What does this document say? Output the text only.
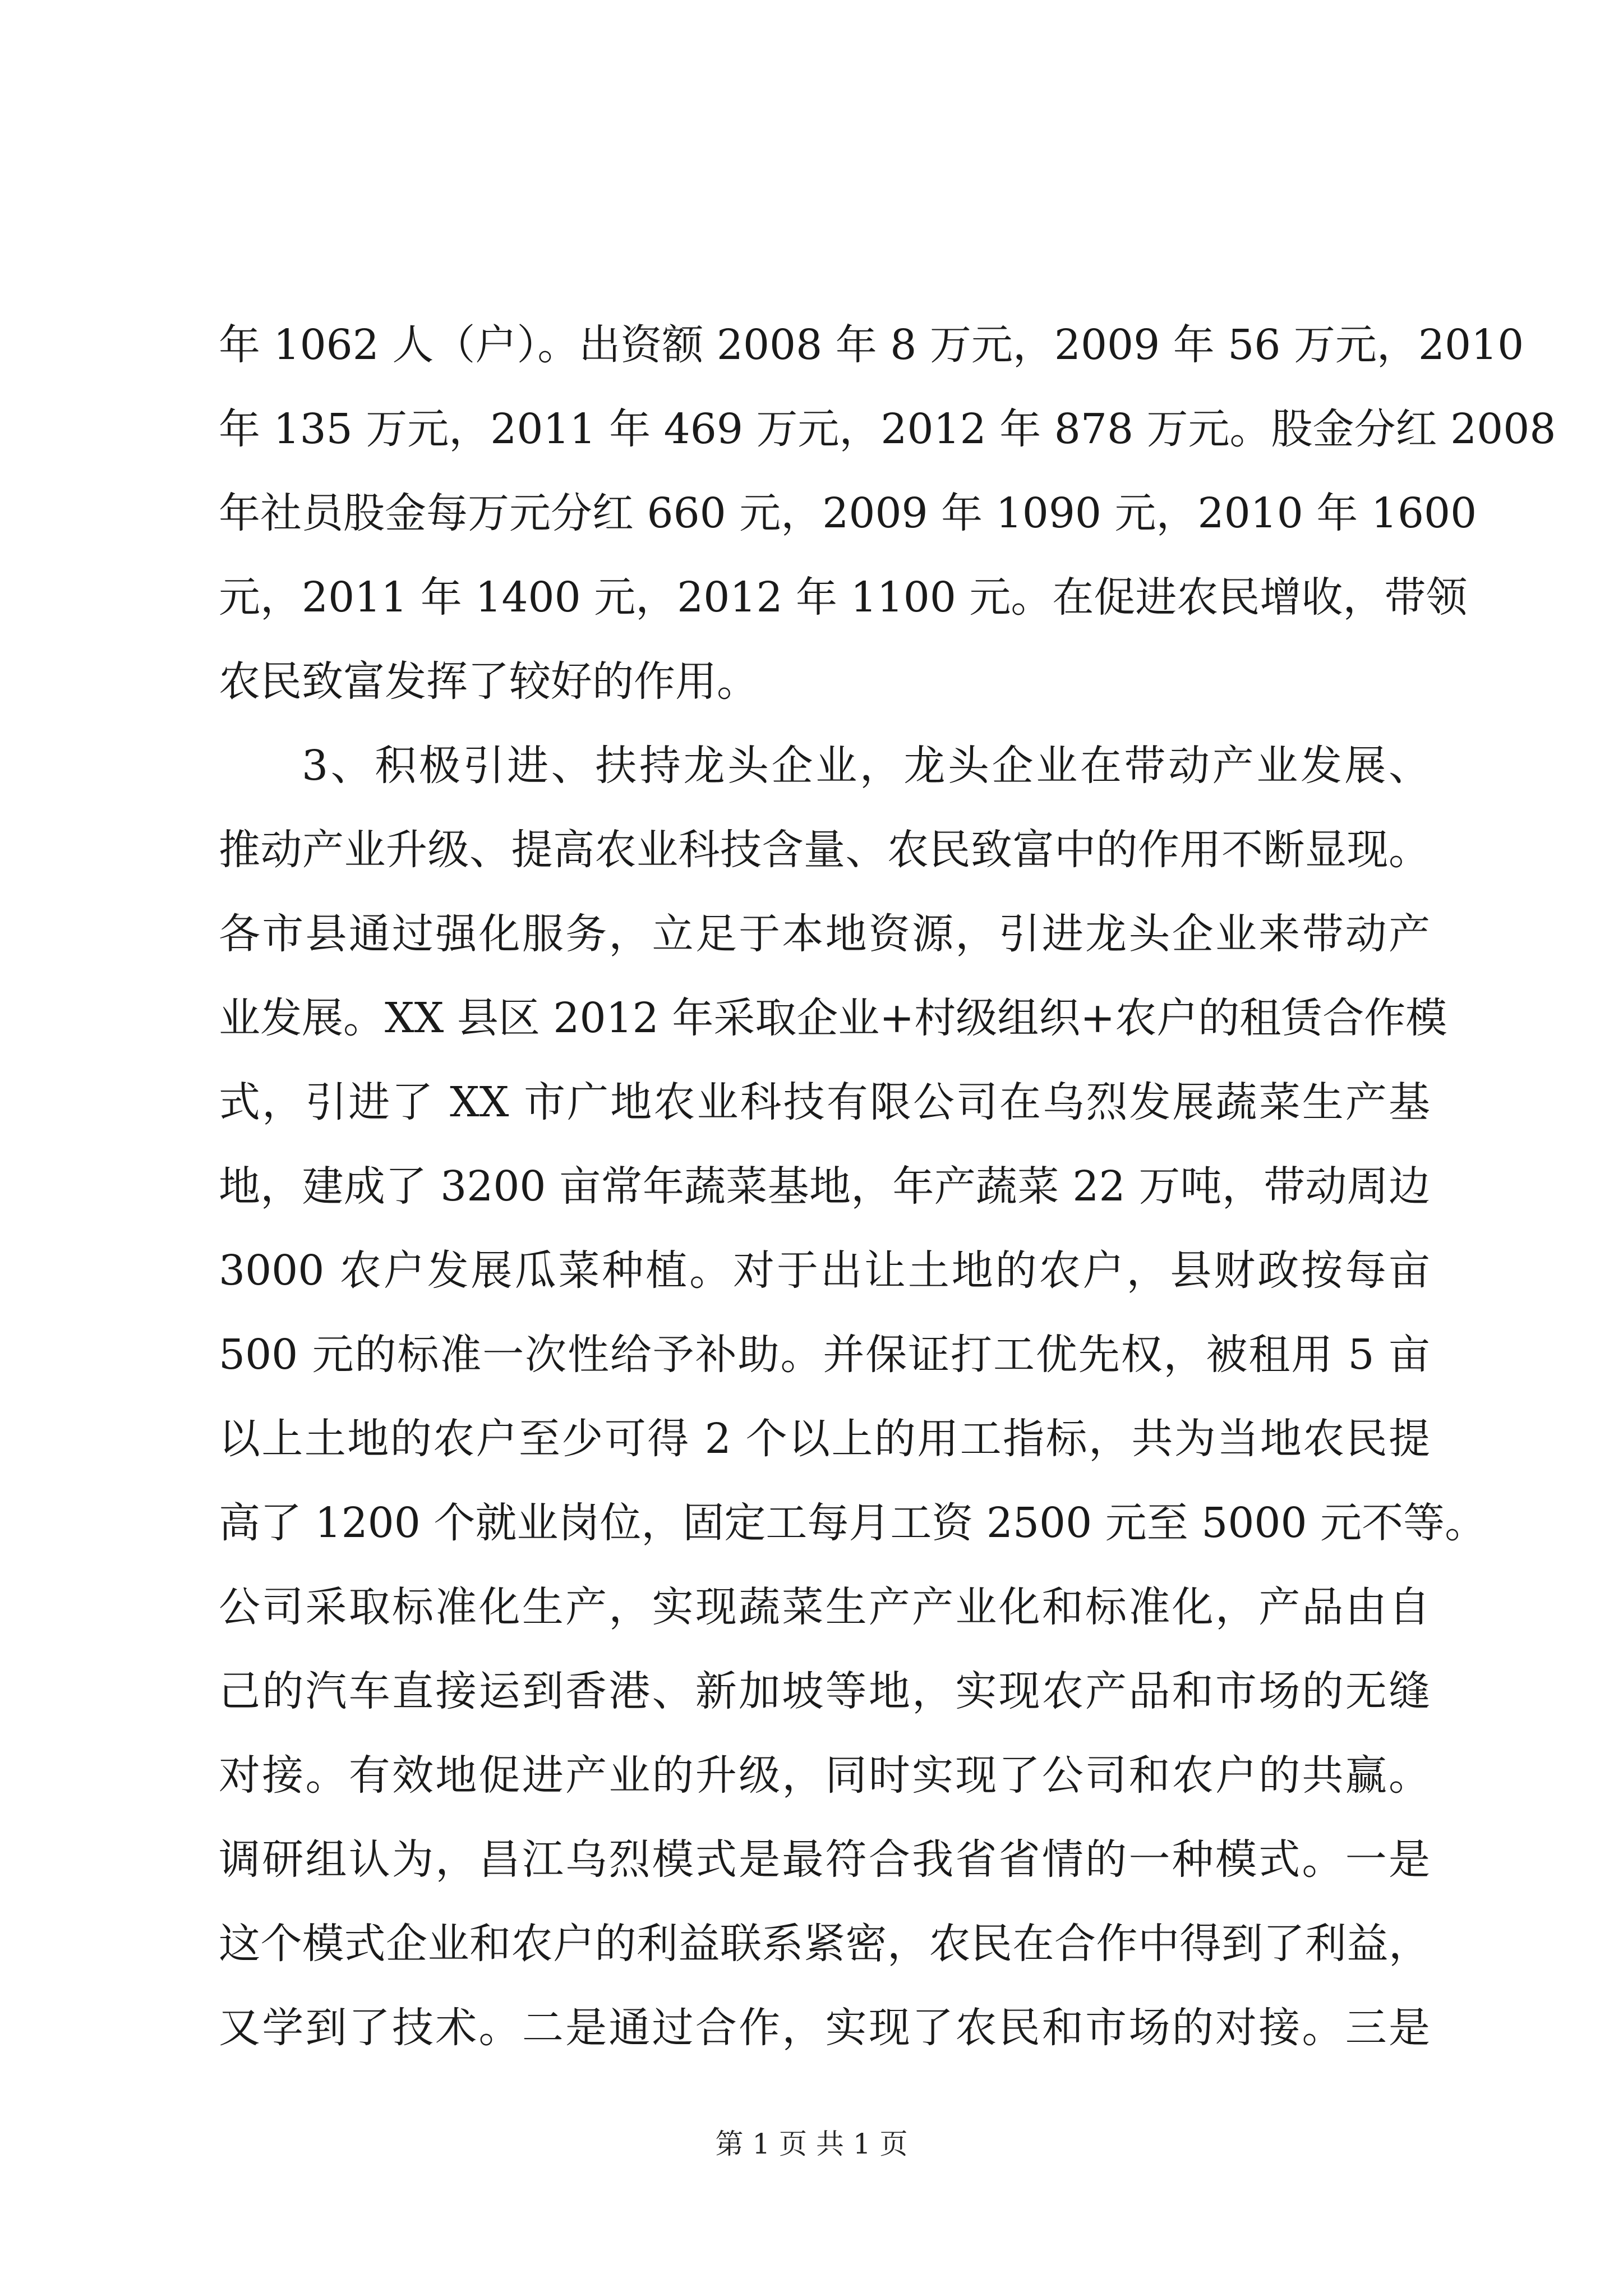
年 1062 人（户）。出资额 2008 年 8 万元，2009 年 56 万元，2010
年 135 万元，2011 年 469 万元，2012 年 878 万元。股金分红 2008
年社员股金每万元分红 660 元，2009 年 1090 元，2010 年 1600
元，2011 年 1400 元，2012 年 1100 元。在促进农民增收，带领
农民致富发挥了较好的作用。
3、积极引进、扶持龙头企业，龙头企业在带动产业发展、
推动产业升级、提高农业科技含量、农民致富中的作用不断显现。
各市县通过强化服务，立足于本地资源，引进龙头企业来带动产
业发展。XX 县区 2012 年采取企业+村级组织+农户的租赁合作模
式，引进了 XX 市广地农业科技有限公司在乌烈发展蔬菜生产基
地，建成了 3200 亩常年蔬菜基地，年产蔬菜 22 万吨，带动周边
3000 农户发展瓜菜种植。对于出让土地的农户，县财政按每亩
500 元的标准一次性给予补助。并保证打工优先权，被租用 5 亩
以上土地的农户至少可得 2 个以上的用工指标，共为当地农民提
高了 1200 个就业岗位，固定工每月工资 2500 元至 5000 元不等。
公司采取标准化生产，实现蔬菜生产产业化和标准化，产品由自
己的汽车直接运到香港、新加坡等地，实现农产品和市场的无缝
对接。有效地促进产业的升级，同时实现了公司和农户的共赢。
调研组认为，昌江乌烈模式是最符合我省省情的一种模式。一是
这个模式企业和农户的利益联系紧密，农民在合作中得到了利益，
又学到了技术。二是通过合作，实现了农民和市场的对接。三是
第 1 页 共 1 页
